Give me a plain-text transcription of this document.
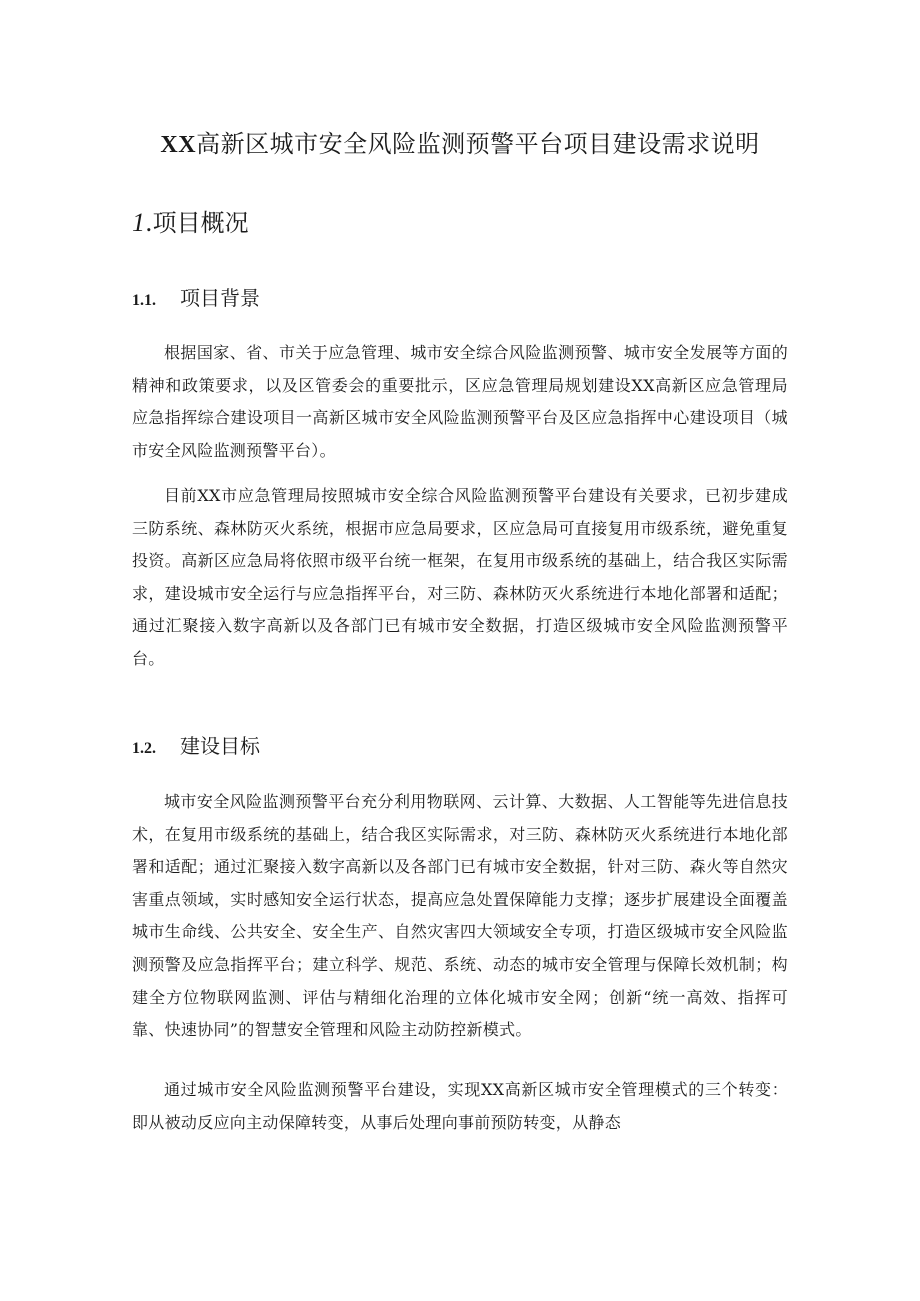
XX高新区城市安全风险监测预警平台项目建设需求说明
1.项目概况
1.1. 项目背景

根据国家、省、市关于应急管理、城市安全综合风险监测预警、城市安全发展等方面的精神和政策要求，以及区管委会的重要批示，区应急管理局规划建设XX高新区应急管理局应急指挥综合建设项目一高新区城市安全风险监测预警平台及区应急指挥中心建设项目（城市安全风险监测预警平台）。

目前XX市应急管理局按照城市安全综合风险监测预警平台建设有关要求，已初步建成三防系统、森林防灭火系统，根据市应急局要求，区应急局可直接复用市级系统，避免重复投资。高新区应急局将依照市级平台统一框架，在复用市级系统的基础上，结合我区实际需求，建设城市安全运行与应急指挥平台，对三防、森林防灭火系统进行本地化部署和适配；通过汇聚接入数字高新以及各部门已有城市安全数据，打造区级城市安全风险监测预警平台。

1.2. 建设目标

城市安全风险监测预警平台充分利用物联网、云计算、大数据、人工智能等先进信息技术，在复用市级系统的基础上，结合我区实际需求，对三防、森林防灭火系统进行本地化部署和适配；通过汇聚接入数字高新以及各部门已有城市安全数据，针对三防、森火等自然灾害重点领域，实时感知安全运行状态，提高应急处置保障能力支撑；逐步扩展建设全面覆盖城市生命线、公共安全、安全生产、自然灾害四大领域安全专项，打造区级城市安全风险监测预警及应急指挥平台；建立科学、规范、系统、动态的城市安全管理与保障长效机制；构建全方位物联网监测、评估与精细化治理的立体化城市安全网；创新“统一高效、指挥可靠、快速协同”的智慧安全管理和风险主动防控新模式。

通过城市安全风险监测预警平台建设，实现XX高新区城市安全管理模式的三个转变：即从被动反应向主动保障转变，从事后处理向事前预防转变，从静态
